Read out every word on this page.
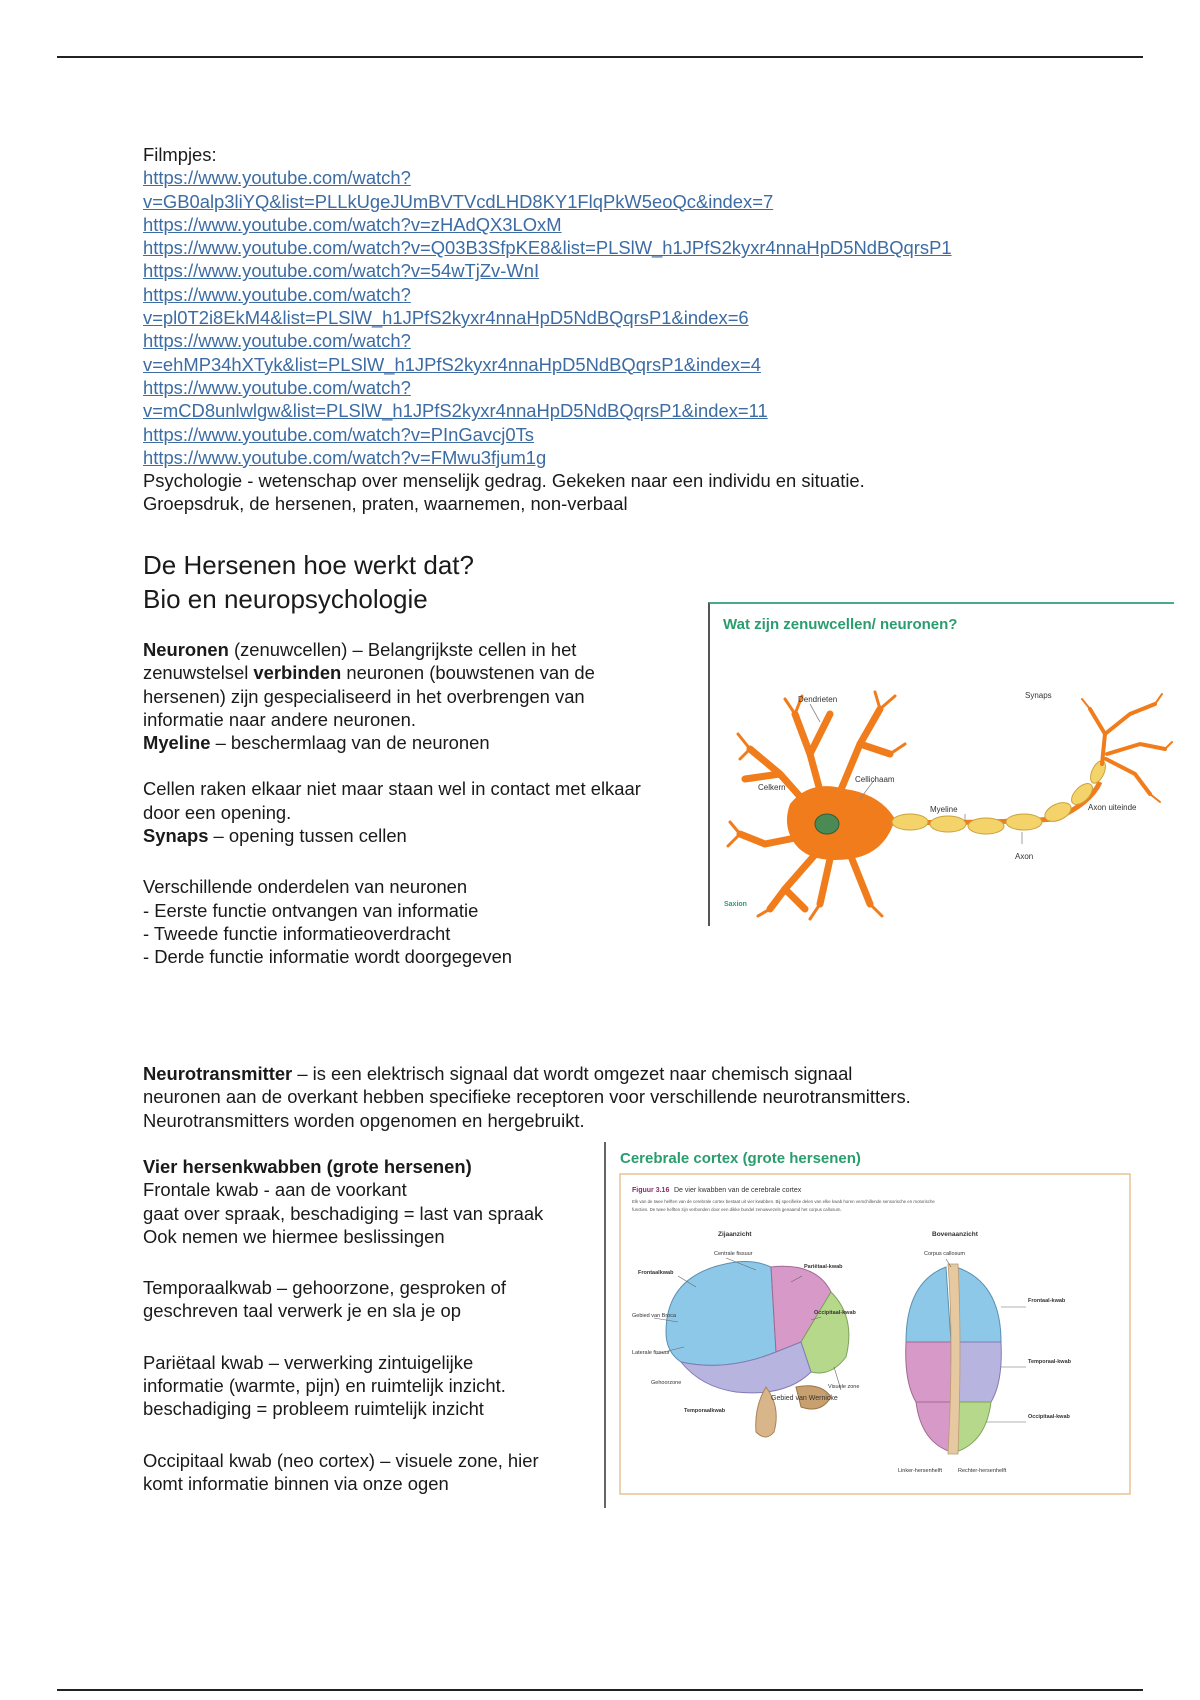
Filmpjes:
https://www.youtube.com/watch?
v=GB0alp3liYQ&list=PLLkUgeJUmBVTVcdLHD8KY1FlqPkW5eoQc&index=7
https://www.youtube.com/watch?v=zHAdQX3LOxM
https://www.youtube.com/watch?v=Q03B3SfpKE8&list=PLSlW_h1JPfS2kyxr4nnaHpD5NdBQqrsP1
https://www.youtube.com/watch?v=54wTjZv-WnI
https://www.youtube.com/watch?
v=pl0T2i8EkM4&list=PLSlW_h1JPfS2kyxr4nnaHpD5NdBQqrsP1&index=6
https://www.youtube.com/watch?
v=ehMP34hXTyk&list=PLSlW_h1JPfS2kyxr4nnaHpD5NdBQqrsP1&index=4
https://www.youtube.com/watch?
v=mCD8unlwlgw&list=PLSlW_h1JPfS2kyxr4nnaHpD5NdBQqrsP1&index=11
https://www.youtube.com/watch?v=PInGavcj0Ts
https://www.youtube.com/watch?v=FMwu3fjum1g
Psychologie - wetenschap over menselijk gedrag. Gekeken naar een individu en situatie.
Groepsdruk, de hersenen, praten, waarnemen, non-verbaal
De Hersenen hoe werkt dat?
Bio en neuropsychologie
Neuronen (zenuwcellen) – Belangrijkste cellen in het
zenuwstelsel verbinden neuronen (bouwstenen van de
hersenen) zijn gespecialiseerd in het overbrengen van
informatie naar andere neuronen.
Myeline – beschermlaag van de neuronen
Cellen raken elkaar niet maar staan wel in contact met elkaar
door een opening.
Synaps – opening tussen cellen
Verschillende onderdelen van neuronen
- Eerste functie ontvangen van informatie
- Tweede functie informatieoverdracht
- Derde functie informatie wordt doorgegeven
Wat zijn zenuwcellen/ neuronen?
Dendrieten	Synaps
Celkern
Cellichaam
Myeline	Axon uiteinde
Axon
Saxion
Neurotransmitter – is een elektrisch signaal dat wordt omgezet naar chemisch signaal
neuronen aan de overkant hebben specifieke receptoren voor verschillende neurotransmitters.
Neurotransmitters worden opgenomen en hergebruikt.
Vier hersenkwabben (grote hersenen)
Frontale kwab - aan de voorkant
gaat over spraak, beschadiging = last van spraak
Ook nemen we hiermee beslissingen
Temporaalkwab – gehoorzone, gesproken of
geschreven taal verwerk je en sla je op
Pariëtaal kwab – verwerking zintuigelijke
informatie (warmte, pijn) en ruimtelijk inzicht.
beschadiging = probleem ruimtelijk inzicht
Occipitaal kwab (neo cortex) – visuele zone, hier
komt informatie binnen via onze ogen
Cerebrale cortex (grote hersenen)
Figuur 3.16 De vier kwabben van de cerebrale cortex
Elk van de twee helften van de cerebrale cortex bestaat uit vier kwabben. Bij specifieke delen van elke kwab horen verschillende sensorische en motorische
functies. De twee helften zijn verbonden door een dikke bundel zenuwvezels genaamd het corpus callosum.
Zijaanzicht	Bovenaanzicht
Centrale fissuur
Frontaalkwab
Pariëtaal-kwab
Gebied van Broca
Laterale fissuur
Gehoorzone
Occipitaal-kwab
Visuele zone
Gebied van Wernicke
Temporaalkwab
Corpus callosum
Frontaal-kwab
Temporaal-kwab
Occipitaal-kwab
Linker-hersenhelft	Rechter-hersenhelft
